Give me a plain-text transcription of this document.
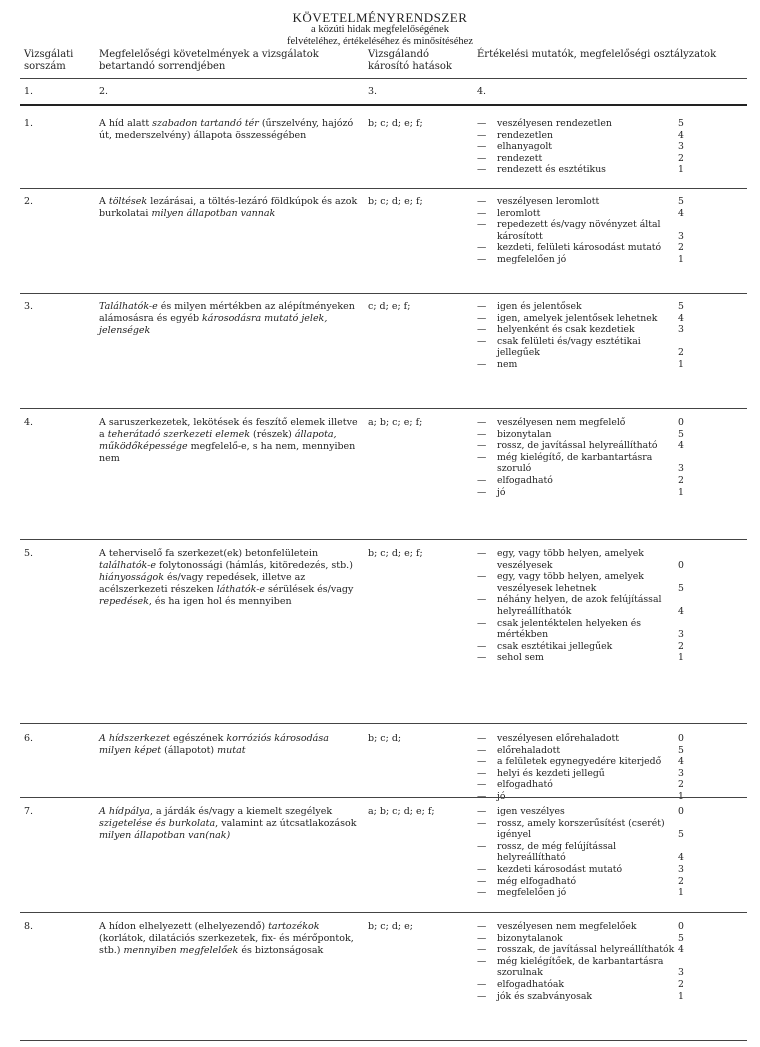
KÖVETELMÉNYRENDSZER
a közúti hidak megfelelőségének
felvételéhez, értékeléséhez és minősítéséhez
Vizsgálati
sorszám
Megfelelőségi követelmények a vizsgálatok
betartandó sorrendjében
Vizsgálandó
károsító hatások
Értékelési mutatók, megfelelőségi osztályzatok
1.	2.	3.	4.
1.	A híd alatt szabadon tartandó tér (űrszelvény, hajózó út, mederszelvény) állapota összességében
b; c; d; e; f;	— veszélyesen rendezetlen	5
— rendezetlen	4
— elhanyagolt	3
— rendezett	2
— rendezett és esztétikus	1
2.	A töltések lezárásai, a töltés-lezáró földkúpok és azok burkolatai milyen állapotban vannak
b; c; d; e; f;	— veszélyesen leromlott	5
— leromlott	4
— repedezett és/vagy növényzet által károsított	3
— kezdeti, felületi károsodást mutató	2
— megfelelően jó	1
3.	Találhatók-e és milyen mértékben az alépítményeken alámosásra és egyéb károsodásra mutató jelek, jelenségek
c; d; e; f;	— igen és jelentősek	5
— igen, amelyek jelentősek lehetnek	4
— helyenként és csak kezdetiek	3
— csak felületi és/vagy esztétikai jellegűek	2
— nem	1
4.	A saruszerkezetek, lekötések és feszítő elemek illetve a teherátadó szerkezeti elemek (részek) állapota, működőképessége megfelelő-e, s ha nem, mennyiben nem
a; b; c; e; f;	— veszélyesen nem megfelelő	0
— bizonytalan	5
— rossz, de javítással helyreállítható	4
— még kielégítő, de karbantartásra szoruló	3
— elfogadható	2
— jó	1
5.	A teherviselő fa szerkezet(ek) betonfelületein találhatók-e folytonossági (hámlás, kitöredezés, stb.) hiányosságok és/vagy repedések, illetve az acélszerkezeti részeken láthatók-e sérülések és/vagy repedések, és ha igen hol és mennyiben
b; c; d; e; f;	— egy, vagy több helyen, amelyek veszélyesek	0
— egy, vagy több helyen, amelyek veszélyesek lehetnek	5
— néhány helyen, de azok felújítással helyreállíthatók	4
— csak jelentéktelen helyeken és mértékben	3
— csak esztétikai jellegűek	2
— sehol sem	1
6.	A hídszerkezet egészének korróziós károsodása milyen képet (állapotot) mutat
b; c; d;	— veszélyesen előrehaladott	0
— előrehaladott	5
— a felületek egynegyedére kiterjedő	4
— helyi és kezdeti jellegű	3
— elfogadható	2
— jó	1
7.	A hídpálya, a járdák és/vagy a kiemelt szegélyek szigetelése és burkolata, valamint az útcsatlakozások milyen állapotban van(nak)
a; b; c; d; e; f;	— igen veszélyes	0
— rossz, amely korszerűsítést (cserét) igényel	5
— rossz, de még felújítással helyreállítható	4
— kezdeti károsodást mutató	3
— még elfogadható	2
— megfelelően jó	1
8.	A hídon elhelyezett (elhelyezendő) tartozékok (korlátok, dilatációs szerkezetek, fix- és mérőpontok, stb.) mennyiben megfelelőek és biztonságosak
b; c; d; e;	— veszélyesen nem megfelelőek	0
— bizonytalanok	5
— rosszak, de javítással helyreállíthatók 4
— még kielégítőek, de karbantartásra szorulnak	3
— elfogadhatóak	2
— jók és szabványosak	1
